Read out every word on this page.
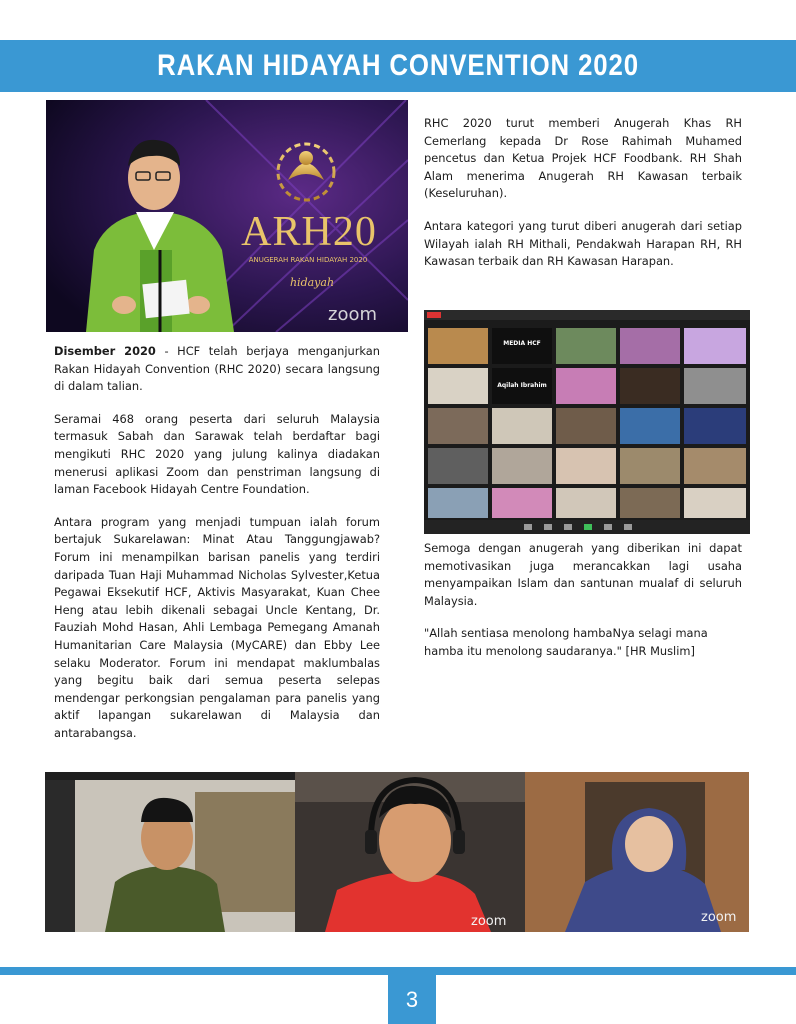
RAKAN HIDAYAH CONVENTION 2020
ARH20
ANUGERAH RAKAN HIDAYAH 2020
hidayah
zoom

Disember 2020 - HCF telah berjaya menganjurkan Rakan Hidayah Convention (RHC 2020) secara langsung di dalam talian.

Seramai 468 orang peserta dari seluruh Malaysia termasuk Sabah dan Sarawak telah berdaftar bagi mengikuti RHC 2020 yang julung kalinya diadakan menerusi aplikasi Zoom dan penstriman langsung di laman Facebook Hidayah Centre Foundation.

Antara program yang menjadi tumpuan ialah forum bertajuk Sukarelawan: Minat Atau Tanggungjawab? Forum ini menampilkan barisan panelis yang terdiri daripada Tuan Haji Muhammad Nicholas Sylvester,Ketua Pegawai Eksekutif HCF, Aktivis Masyarakat, Kuan Chee Heng atau lebih dikenali sebagai Uncle Kentang, Dr. Fauziah Mohd Hasan, Ahli Lembaga Pemegang Amanah Humanitarian Care Malaysia (MyCARE) dan Ebby Lee selaku Moderator. Forum ini mendapat maklumbalas yang begitu baik dari semua peserta selepas mendengar perkongsian pengalaman para panelis yang aktif lapangan sukarelawan di Malaysia dan antarabangsa.

RHC 2020 turut memberi Anugerah Khas RH Cemerlang kepada Dr Rose Rahimah Muhamed pencetus dan Ketua Projek HCF Foodbank. RH Shah Alam menerima Anugerah RH Kawasan terbaik (Keseluruhan).

Antara kategori yang turut diberi anugerah dari setiap Wilayah ialah RH Mithali, Pendakwah Harapan RH, RH Kawasan terbaik dan RH Kawasan Harapan.

MEDIA HCF
Aqilah Ibrahim

Semoga dengan anugerah yang diberikan ini dapat memotivasikan juga merancakkan lagi usaha menyampaikan Islam dan santunan mualaf di seluruh Malaysia.

"Allah sentiasa menolong hambaNya selagi mana hamba itu menolong saudaranya." [HR Muslim]

zoom	zoom
3
